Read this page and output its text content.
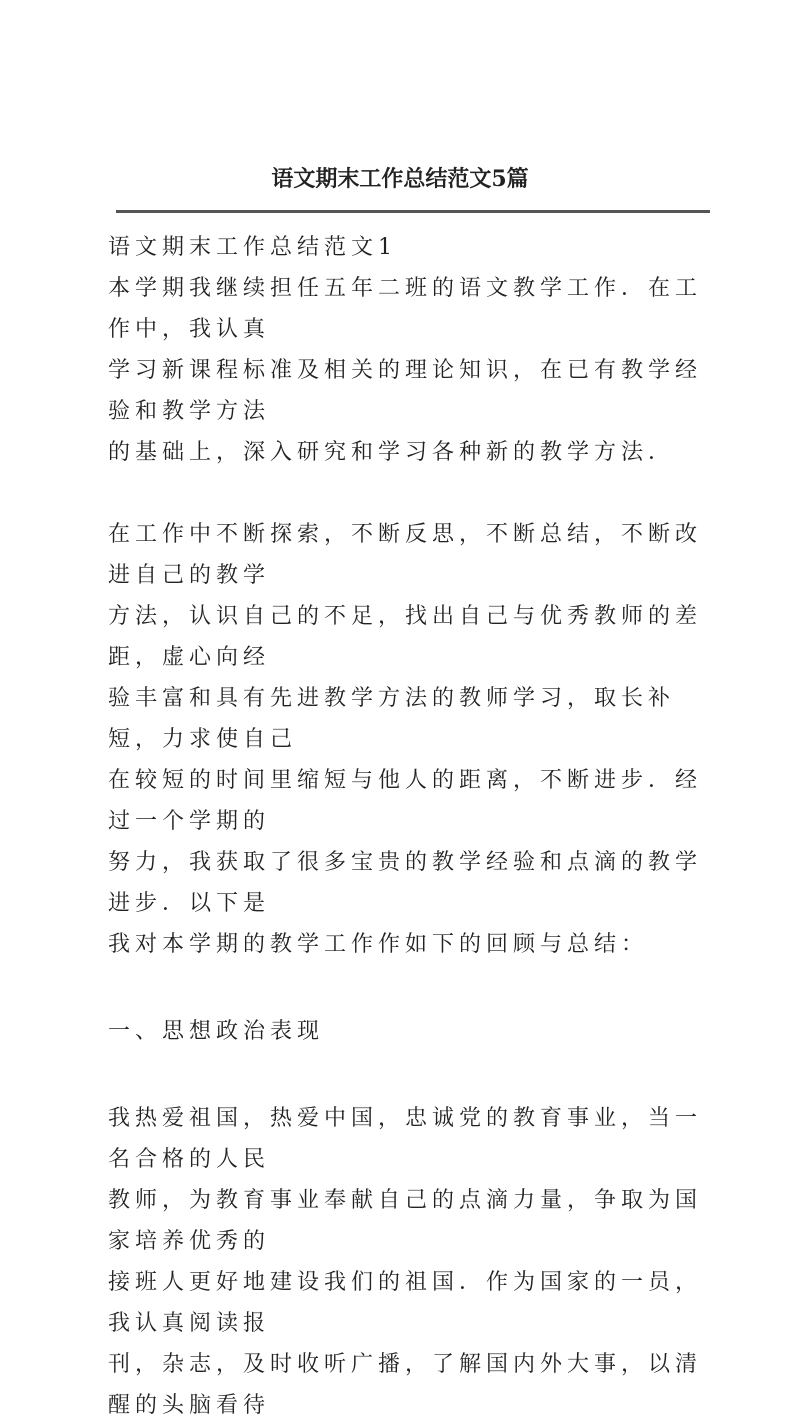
语文期末工作总结范文5篇
语文期末工作总结范文1
本学期我继续担任五年二班的语文教学工作．在工作中，我认真
学习新课程标准及相关的理论知识，在已有教学经验和教学方法
的基础上，深入研究和学习各种新的教学方法．
在工作中不断探索，不断反思，不断总结，不断改进自己的教学
方法，认识自己的不足，找出自己与优秀教师的差距，虚心向经
验丰富和具有先进教学方法的教师学习，取长补短，力求使自己
在较短的时间里缩短与他人的距离，不断进步．经过一个学期的
努力，我获取了很多宝贵的教学经验和点滴的教学进步．以下是
我对本学期的教学工作作如下的回顾与总结：
一、思想政治表现
我热爱祖国，热爱中国，忠诚党的教育事业，当一名合格的人民
教师，为教育事业奉献自己的点滴力量，争取为国家培养优秀的
接班人更好地建设我们的祖国．作为国家的一员，我认真阅读报
刊，杂志，及时收听广播，了解国内外大事，以清醒的头脑看待
